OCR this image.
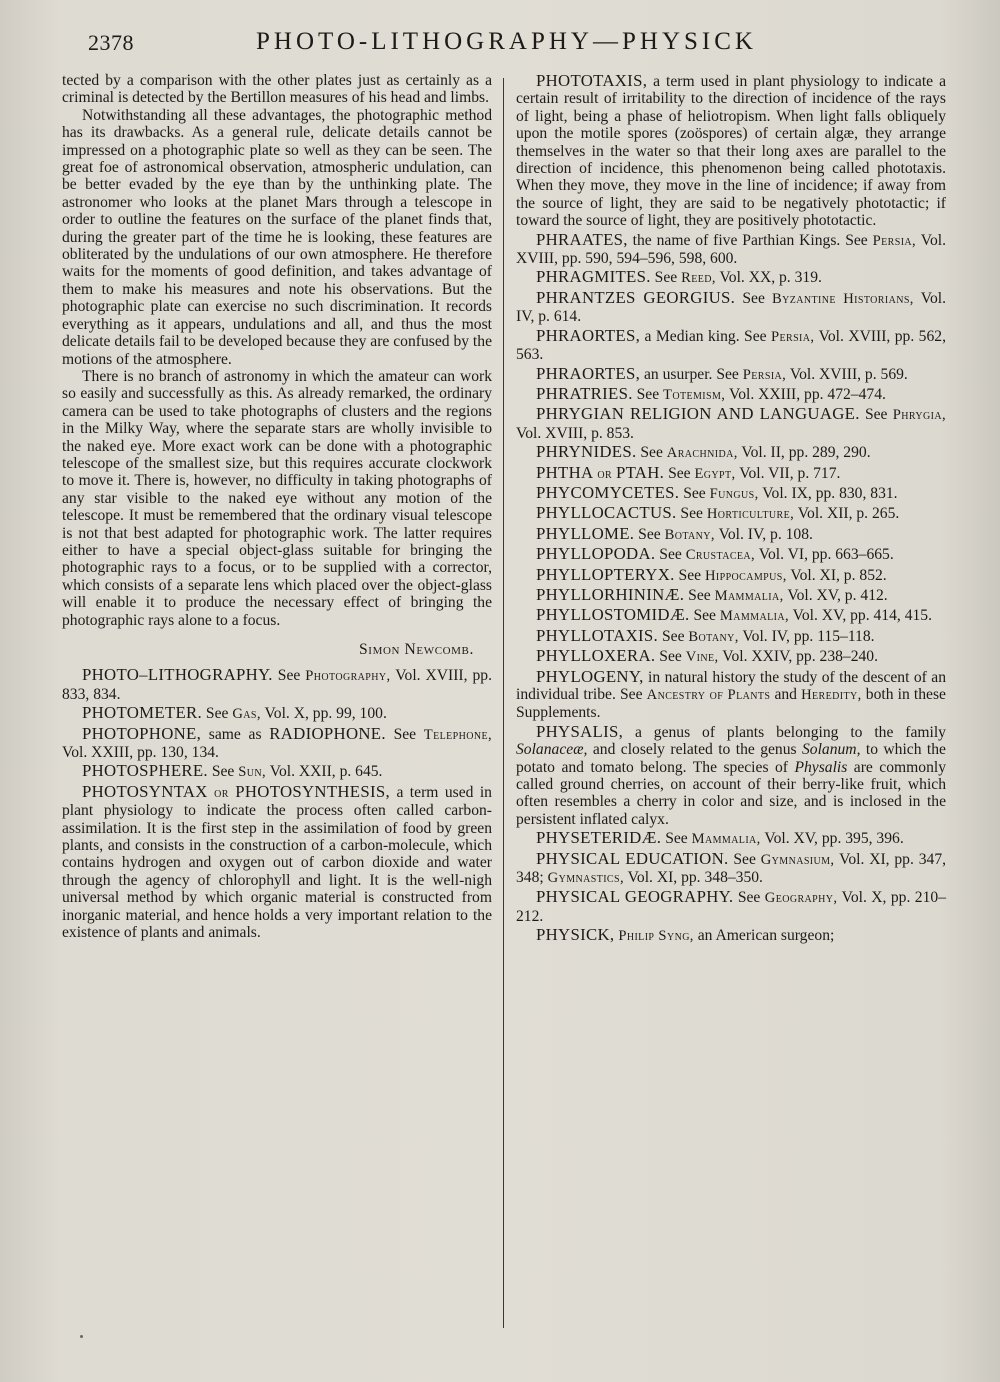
2378	PHOTO-LITHOGRAPHY—PHYSICK

tected by a comparison with the other plates just as certainly as a criminal is detected by the Bertillon measures of his head and limbs.

Notwithstanding all these advantages, the photographic method has its drawbacks. As a general rule, delicate details cannot be impressed on a photographic plate so well as they can be seen. The great foe of astronomical observation, atmospheric undulation, can be better evaded by the eye than by the unthinking plate. The astronomer who looks at the planet Mars through a telescope in order to outline the features on the surface of the planet finds that, during the greater part of the time he is looking, these features are obliterated by the undulations of our own atmosphere. He therefore waits for the moments of good definition, and takes advantage of them to make his measures and note his observations. But the photographic plate can exercise no such discrimination. It records everything as it appears, undulations and all, and thus the most delicate details fail to be developed because they are confused by the motions of the atmosphere.

There is no branch of astronomy in which the amateur can work so easily and successfully as this. As already remarked, the ordinary camera can be used to take photographs of clusters and the regions in the Milky Way, where the separate stars are wholly invisible to the naked eye. More exact work can be done with a photographic telescope of the smallest size, but this requires accurate clockwork to move it. There is, however, no difficulty in taking photographs of any star visible to the naked eye without any motion of the telescope. It must be remembered that the ordinary visual telescope is not that best adapted for photographic work. The latter requires either to have a special object-glass suitable for bringing the photographic rays to a focus, or to be supplied with a corrector, which consists of a separate lens which placed over the object-glass will enable it to produce the necessary effect of bringing the photographic rays alone to a focus.

Simon Newcomb.

PHOTO–LITHOGRAPHY. See Photography, Vol. XVIII, pp. 833, 834.

PHOTOMETER. See Gas, Vol. X, pp. 99, 100.

PHOTOPHONE, same as RADIOPHONE. See Telephone, Vol. XXIII, pp. 130, 134.

PHOTOSPHERE. See Sun, Vol. XXII, p. 645.

PHOTOSYNTAX or PHOTOSYNTHESIS, a term used in plant physiology to indicate the process often called carbon-assimilation. It is the first step in the assimilation of food by green plants, and consists in the construction of a carbon-molecule, which contains hydrogen and oxygen out of carbon dioxide and water through the agency of chlorophyll and light. It is the well-nigh universal method by which organic material is constructed from inorganic material, and hence holds a very important relation to the existence of plants and animals.

PHOTOTAXIS, a term used in plant physiology to indicate a certain result of irritability to the direction of incidence of the rays of light, being a phase of heliotropism. When light falls obliquely upon the motile spores (zoöspores) of certain algæ, they arrange themselves in the water so that their long axes are parallel to the direction of incidence, this phenomenon being called phototaxis. When they move, they move in the line of incidence; if away from the source of light, they are said to be negatively phototactic; if toward the source of light, they are positively phototactic.

PHRAATES, the name of five Parthian Kings. See Persia, Vol. XVIII, pp. 590, 594–596, 598, 600.

PHRAGMITES. See Reed, Vol. XX, p. 319.

PHRANTZES GEORGIUS. See Byzantine Historians, Vol. IV, p. 614.

PHRAORTES, a Median king. See Persia, Vol. XVIII, pp. 562, 563.

PHRAORTES, an usurper. See Persia, Vol. XVIII, p. 569.

PHRATRIES. See Totemism, Vol. XXIII, pp. 472–474.

PHRYGIAN RELIGION AND LANGUAGE. See Phrygia, Vol. XVIII, p. 853.

PHRYNIDES. See Arachnida, Vol. II, pp. 289, 290.

PHTHA or PTAH. See Egypt, Vol. VII, p. 717.

PHYCOMYCETES. See Fungus, Vol. IX, pp. 830, 831.

PHYLLOCACTUS. See Horticulture, Vol. XII, p. 265.

PHYLLOME. See Botany, Vol. IV, p. 108.

PHYLLOPODA. See Crustacea, Vol. VI, pp. 663–665.

PHYLLOPTERYX. See Hippocampus, Vol. XI, p. 852.

PHYLLORHININÆ. See Mammalia, Vol. XV, p. 412.

PHYLLOSTOMIDÆ. See Mammalia, Vol. XV, pp. 414, 415.

PHYLLOTAXIS. See Botany, Vol. IV, pp. 115–118.

PHYLLOXERA. See Vine, Vol. XXIV, pp. 238–240.

PHYLOGENY, in natural history the study of the descent of an individual tribe. See Ancestry of Plants and Heredity, both in these Supplements.

PHYSALIS, a genus of plants belonging to the family Solanaceæ, and closely related to the genus Solanum, to which the potato and tomato belong. The species of Physalis are commonly called ground cherries, on account of their berry-like fruit, which often resembles a cherry in color and size, and is inclosed in the persistent inflated calyx.

PHYSETERIDÆ. See Mammalia, Vol. XV, pp. 395, 396.

PHYSICAL EDUCATION. See Gymnasium, Vol. XI, pp. 347, 348; Gymnastics, Vol. XI, pp. 348–350.

PHYSICAL GEOGRAPHY. See Geography, Vol. X, pp. 210–212.

PHYSICK, Philip Syng, an American surgeon;
